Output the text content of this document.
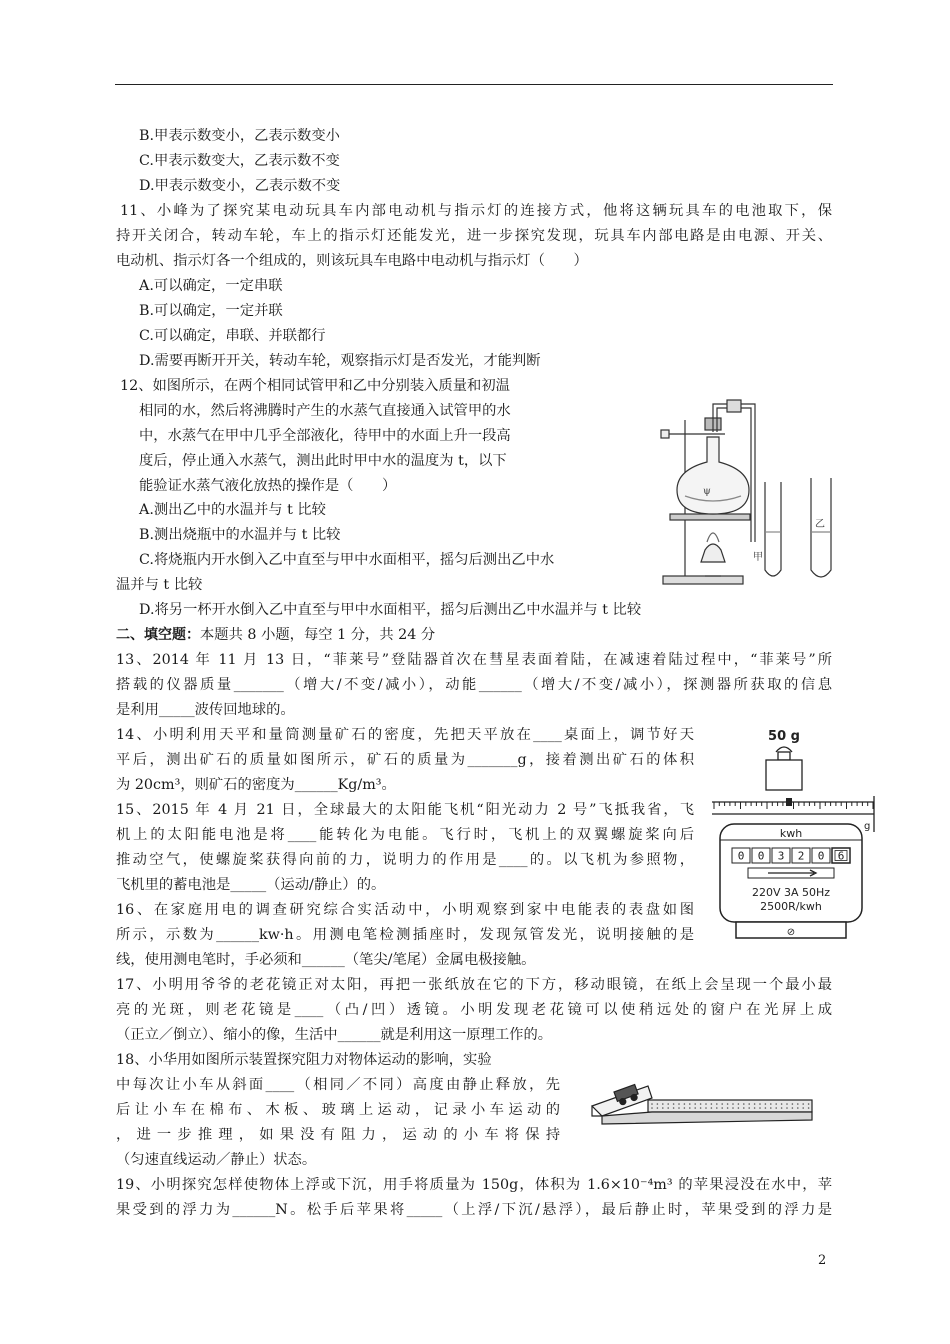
B.甲表示数变小，乙表示数变小
C.甲表示数变大，乙表示数不变
D.甲表示数变小，乙表示数不变
11、小峰为了探究某电动玩具车内部电动机与指示灯的连接方式，他将这辆玩具车的电池取下，保
持开关闭合，转动车轮，车上的指示灯还能发光，进一步探究发现，玩具车内部电路是由电源、开关、
电动机、指示灯各一个组成的，则该玩具车电路中电动机与指示灯（　　）
A.可以确定，一定串联
B.可以确定，一定并联
C.可以确定，串联、并联都行
D.需要再断开开关，转动车轮，观察指示灯是否发光，才能判断
12、如图所示，在两个相同试管甲和乙中分别装入质量和初温
相同的水，然后将沸腾时产生的水蒸气直接通入试管甲的水
中，水蒸气在甲中几乎全部液化，待甲中的水面上升一段高
度后，停止通入水蒸气，测出此时甲中水的温度为 t，以下
能验证水蒸气液化放热的操作是（　　）
A.测出乙中的水温并与 t 比较
B.测出烧瓶中的水温并与 t 比较
C.将烧瓶内开水倒入乙中直至与甲中水面相平，摇匀后测出乙中水
温并与 t 比较
D.将另一杯开水倒入乙中直至与甲中水面相平，摇匀后测出乙中水温并与 t 比较
ψ
甲
乙
二、填空题：本题共 8 小题，每空 1 分，共 24 分
13、2014 年 11 月 13 日，“菲莱号”登陆器首次在彗星表面着陆，在减速着陆过程中，“菲莱号”所
搭载的仪器质量_______（增大/不变/减小），动能______（增大/不变/减小），探测器所获取的信息
是利用_____波传回地球的。
14、小明利用天平和量筒测量矿石的密度，先把天平放在____桌面上，调节好天
平后，测出矿石的质量如图所示，矿石的质量为_______g，接着测出矿石的体积
为 20cm³，则矿石的密度为______Kg/m³。
15、2015 年 4 月 21 日，全球最大的太阳能飞机“阳光动力 2 号”飞抵我省，飞
机上的太阳能电池是将____能转化为电能。飞行时，飞机上的双翼螺旋桨向后
推动空气，使螺旋桨获得向前的力，说明力的作用是____的。以飞机为参照物，
飞机里的蓄电池是_____（运动/静止）的。
16、在家庭用电的调查研究综合实活动中，小明观察到家中电能表的表盘如图
所示，示数为______kw·h。用测电笔检测插座时，发现氖管发光，说明接触的是
线，使用测电笔时，手必须和______（笔尖/笔尾）金属电极接触。
50 g
g
kwh
0 0 3 2 0 6
220V 3A 50Hz
2500R/kwh
⊘
17、小明用爷爷的老花镜正对太阳，再把一张纸放在它的下方，移动眼镜，在纸上会呈现一个最小最
亮的光斑，则老花镜是____（凸/凹）透镜。小明发现老花镜可以使稍远处的窗户在光屏上成
（正立／倒立）、缩小的像，生活中______就是利用这一原理工作的。
18、小华用如图所示装置探究阻力对物体运动的影响，实验
中每次让小车从斜面____（相同／不同）高度由静止释放，先
后让小车在棉布、木板、玻璃上运动，记录小车运动的
，进一步推理，如果没有阻力，运动的小车将保持
（匀速直线运动／静止）状态。
19、小明探究怎样使物体上浮或下沉，用手将质量为 150g，体积为 1.6×10⁻⁴m³ 的苹果浸没在水中，苹
果受到的浮力为______N。松手后苹果将_____（上浮/下沉/悬浮），最后静止时，苹果受到的浮力是
2
